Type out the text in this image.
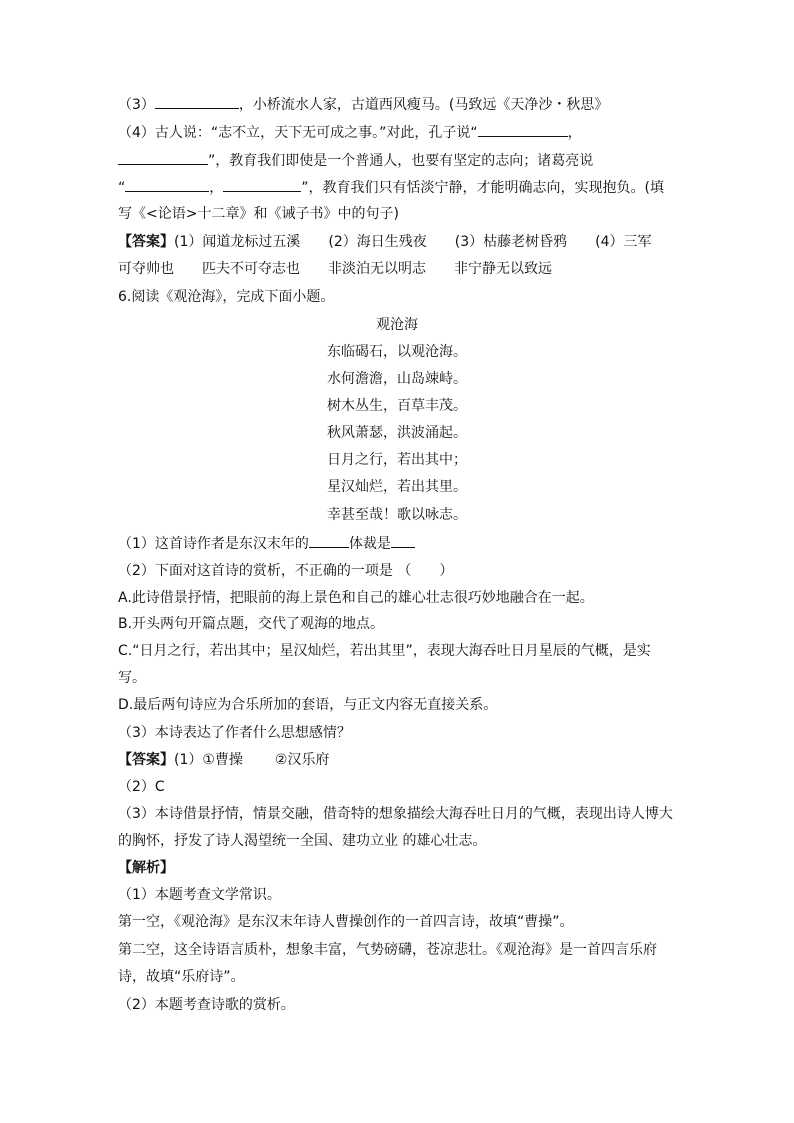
（3）	，小桥流水人家，古道西风瘦马。(马致远《天净沙・秋思》
（4）古人说：“志不立，天下无可成之事。”对此，孔子说“	，
”，教育我们即使是一个普通人，也要有坚定的志向；诸葛亮说
“	，	”，教育我们只有恬淡宁静，才能明确志向，实现抱负。(填
写《<论语>十二章》和《诫子书》中的句子)
【答案】(1）闻道龙标过五溪 (2）海日生残夜 (3）枯藤老树昏鸦 (4）三军
可夺帅也 匹夫不可夺志也 非淡泊无以明志 非宁静无以致远
6.阅读《观沧海》，完成下面小题。
观沧海
东临碣石，以观沧海。
水何澹澹，山岛竦峙。
树木丛生，百草丰茂。
秋风萧瑟，洪波涌起。
日月之行，若出其中；
星汉灿烂，若出其里。
幸甚至哉！歌以咏志。
（1）这首诗作者是东汉末年的	体裁是
（2）下面对这首诗的赏析，不正确的一项是 （　　）
A.此诗借景抒情，把眼前的海上景色和自己的雄心壮志很巧妙地融合在一起。
B.开头两句开篇点题，交代了观海的地点。
C.“日月之行，若出其中；星汉灿烂，若出其里”，表现大海吞吐日月星辰的气概，是实
写。
D.最后两句诗应为合乐所加的套语，与正文内容无直接关系。
（3）本诗表达了作者什么思想感情？
【答案】(1）①曹操 ②汉乐府
（2）C
（3）本诗借景抒情，情景交融，借奇特的想象描绘大海吞吐日月的气概，表现出诗人博大
的胸怀，抒发了诗人渴望统一全国、建功立业 的雄心壮志。
【解析】
（1）本题考查文学常识。
第一空，《观沧海》是东汉末年诗人曹操创作的一首四言诗，故填“曹操”。
第二空，这全诗语言质朴，想象丰富，气势磅礴，苍凉悲壮。《观沧海》是一首四言乐府
诗，故填“乐府诗”。
（2）本题考查诗歌的赏析。
